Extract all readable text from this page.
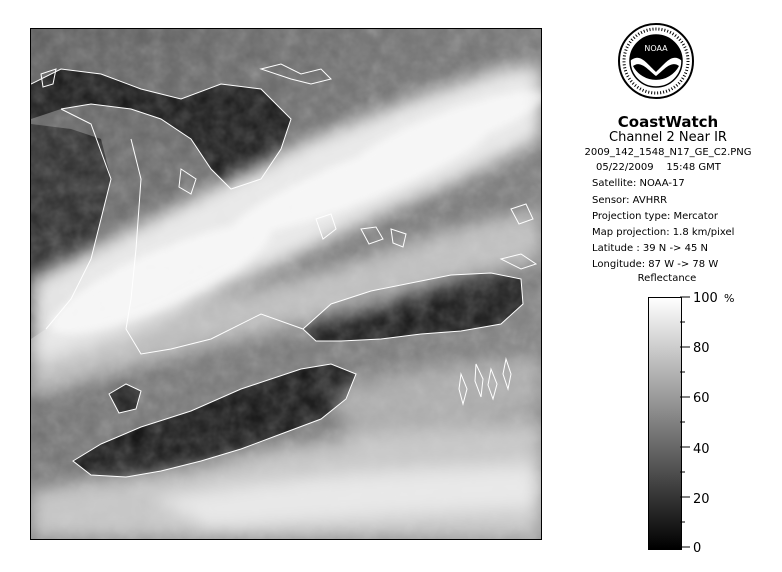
NOAA
CoastWatch
Channel 2 Near IR
2009_142_1548_N17_GE_C2.PNG
05/22/2009 15:48 GMT
Satellite: NOAA-17
Sensor: AVHRR
Projection type: Mercator
Map projection: 1.8 km/pixel
Latitude : 39 N -> 45 N
Longitude: 87 W -> 78 W
Reflectance
100
80
60
40
20
0
%
